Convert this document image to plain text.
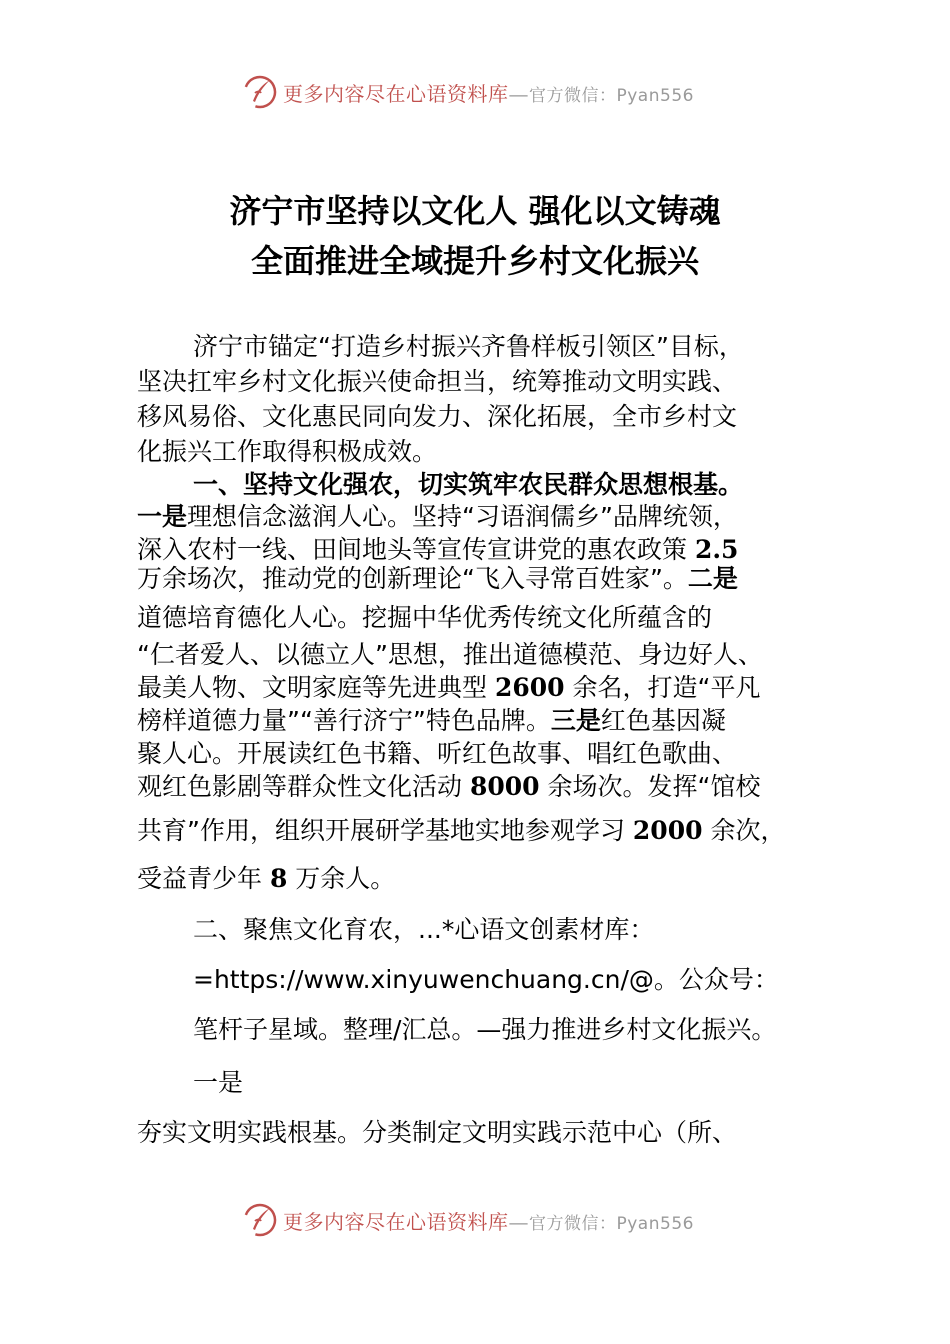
更多内容尽在心语资料库—官方微信：Pyan556
济宁市坚持以文化人 强化以文铸魂
全面推进全域提升乡村文化振兴
济宁市锚定“打造乡村振兴齐鲁样板引领区”目标，
坚决扛牢乡村文化振兴使命担当，统筹推动文明实践、
移风易俗、文化惠民同向发力、深化拓展，全市乡村文
化振兴工作取得积极成效。
一、坚持文化强农，切实筑牢农民群众思想根基。
一是理想信念滋润人心。坚持“习语润儒乡”品牌统领，
深入农村一线、田间地头等宣传宣讲党的惠农政策 2.5
万余场次，推动党的创新理论“飞入寻常百姓家”。二是
道德培育德化人心。挖掘中华优秀传统文化所蕴含的
“仁者爱人、以德立人”思想，推出道德模范、身边好人、
最美人物、文明家庭等先进典型 2600 余名，打造“平凡
榜样道德力量”“善行济宁”特色品牌。三是红色基因凝
聚人心。开展读红色书籍、听红色故事、唱红色歌曲、
观红色影剧等群众性文化活动 8000 余场次。发挥“馆校
共育”作用，组织开展研学基地实地参观学习 2000 余次，
受益青少年 8 万余人。
二、聚焦文化育农，...*心语文创素材库：
=https://www.xinyuwenchuang.cn/@。公众号：
笔杆子星域。整理/汇总。—强力推进乡村文化振兴。
一是
夯实文明实践根基。分类制定文明实践示范中心（所、
更多内容尽在心语资料库—官方微信：Pyan556
